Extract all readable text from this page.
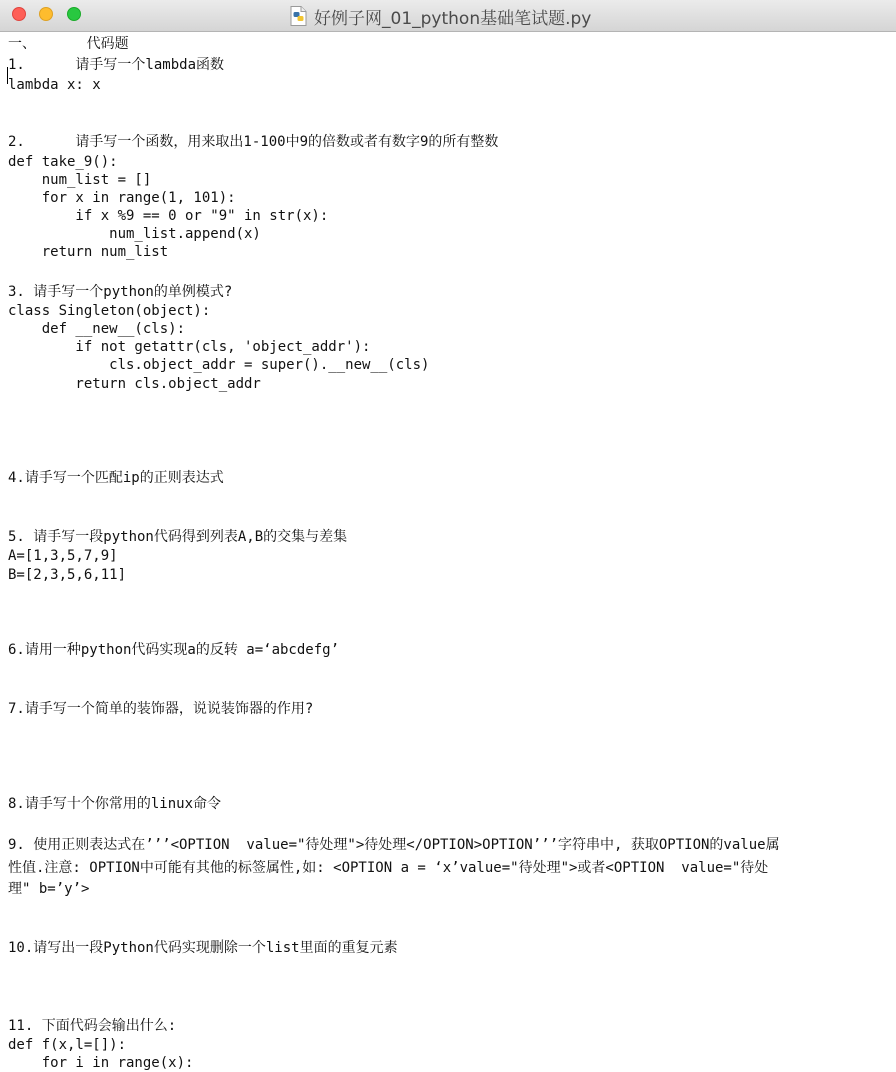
好例子网_01_python基础笔试题.py
一、      代码题
1.      请手写一个lambda函数
lambda x: x
2.      请手写一个函数，用来取出1-100中9的倍数或者有数字9的所有整数
def take_9():
num_list = []
for x in range(1, 101):
if x %9 == 0 or "9" in str(x):
num_list.append(x)
return num_list
3. 请手写一个python的单例模式?
class Singleton(object):
def __new__(cls):
if not getattr(cls, 'object_addr'):
cls.object_addr = super().__new__(cls)
return cls.object_addr
4.请手写一个匹配ip的正则表达式
5. 请手写一段python代码得到列表A,B的交集与差集
A=[1,3,5,7,9]
B=[2,3,5,6,11]
6.请用一种python代码实现a的反转 a=‘abcdefg’
7.请手写一个简单的装饰器，说说装饰器的作用?
8.请手写十个你常用的linux命令
9. 使用正则表达式在’’’<OPTION  value="待处理">待处理</OPTION>OPTION’’’字符串中, 获取OPTION的value属
性值.注意: OPTION中可能有其他的标签属性,如: <OPTION a = ‘x’value="待处理">或者<OPTION  value="待处
理" b=’y’>
10.请写出一段Python代码实现删除一个list里面的重复元素
11. 下面代码会输出什么:
def f(x,l=[]):
for i in range(x):
